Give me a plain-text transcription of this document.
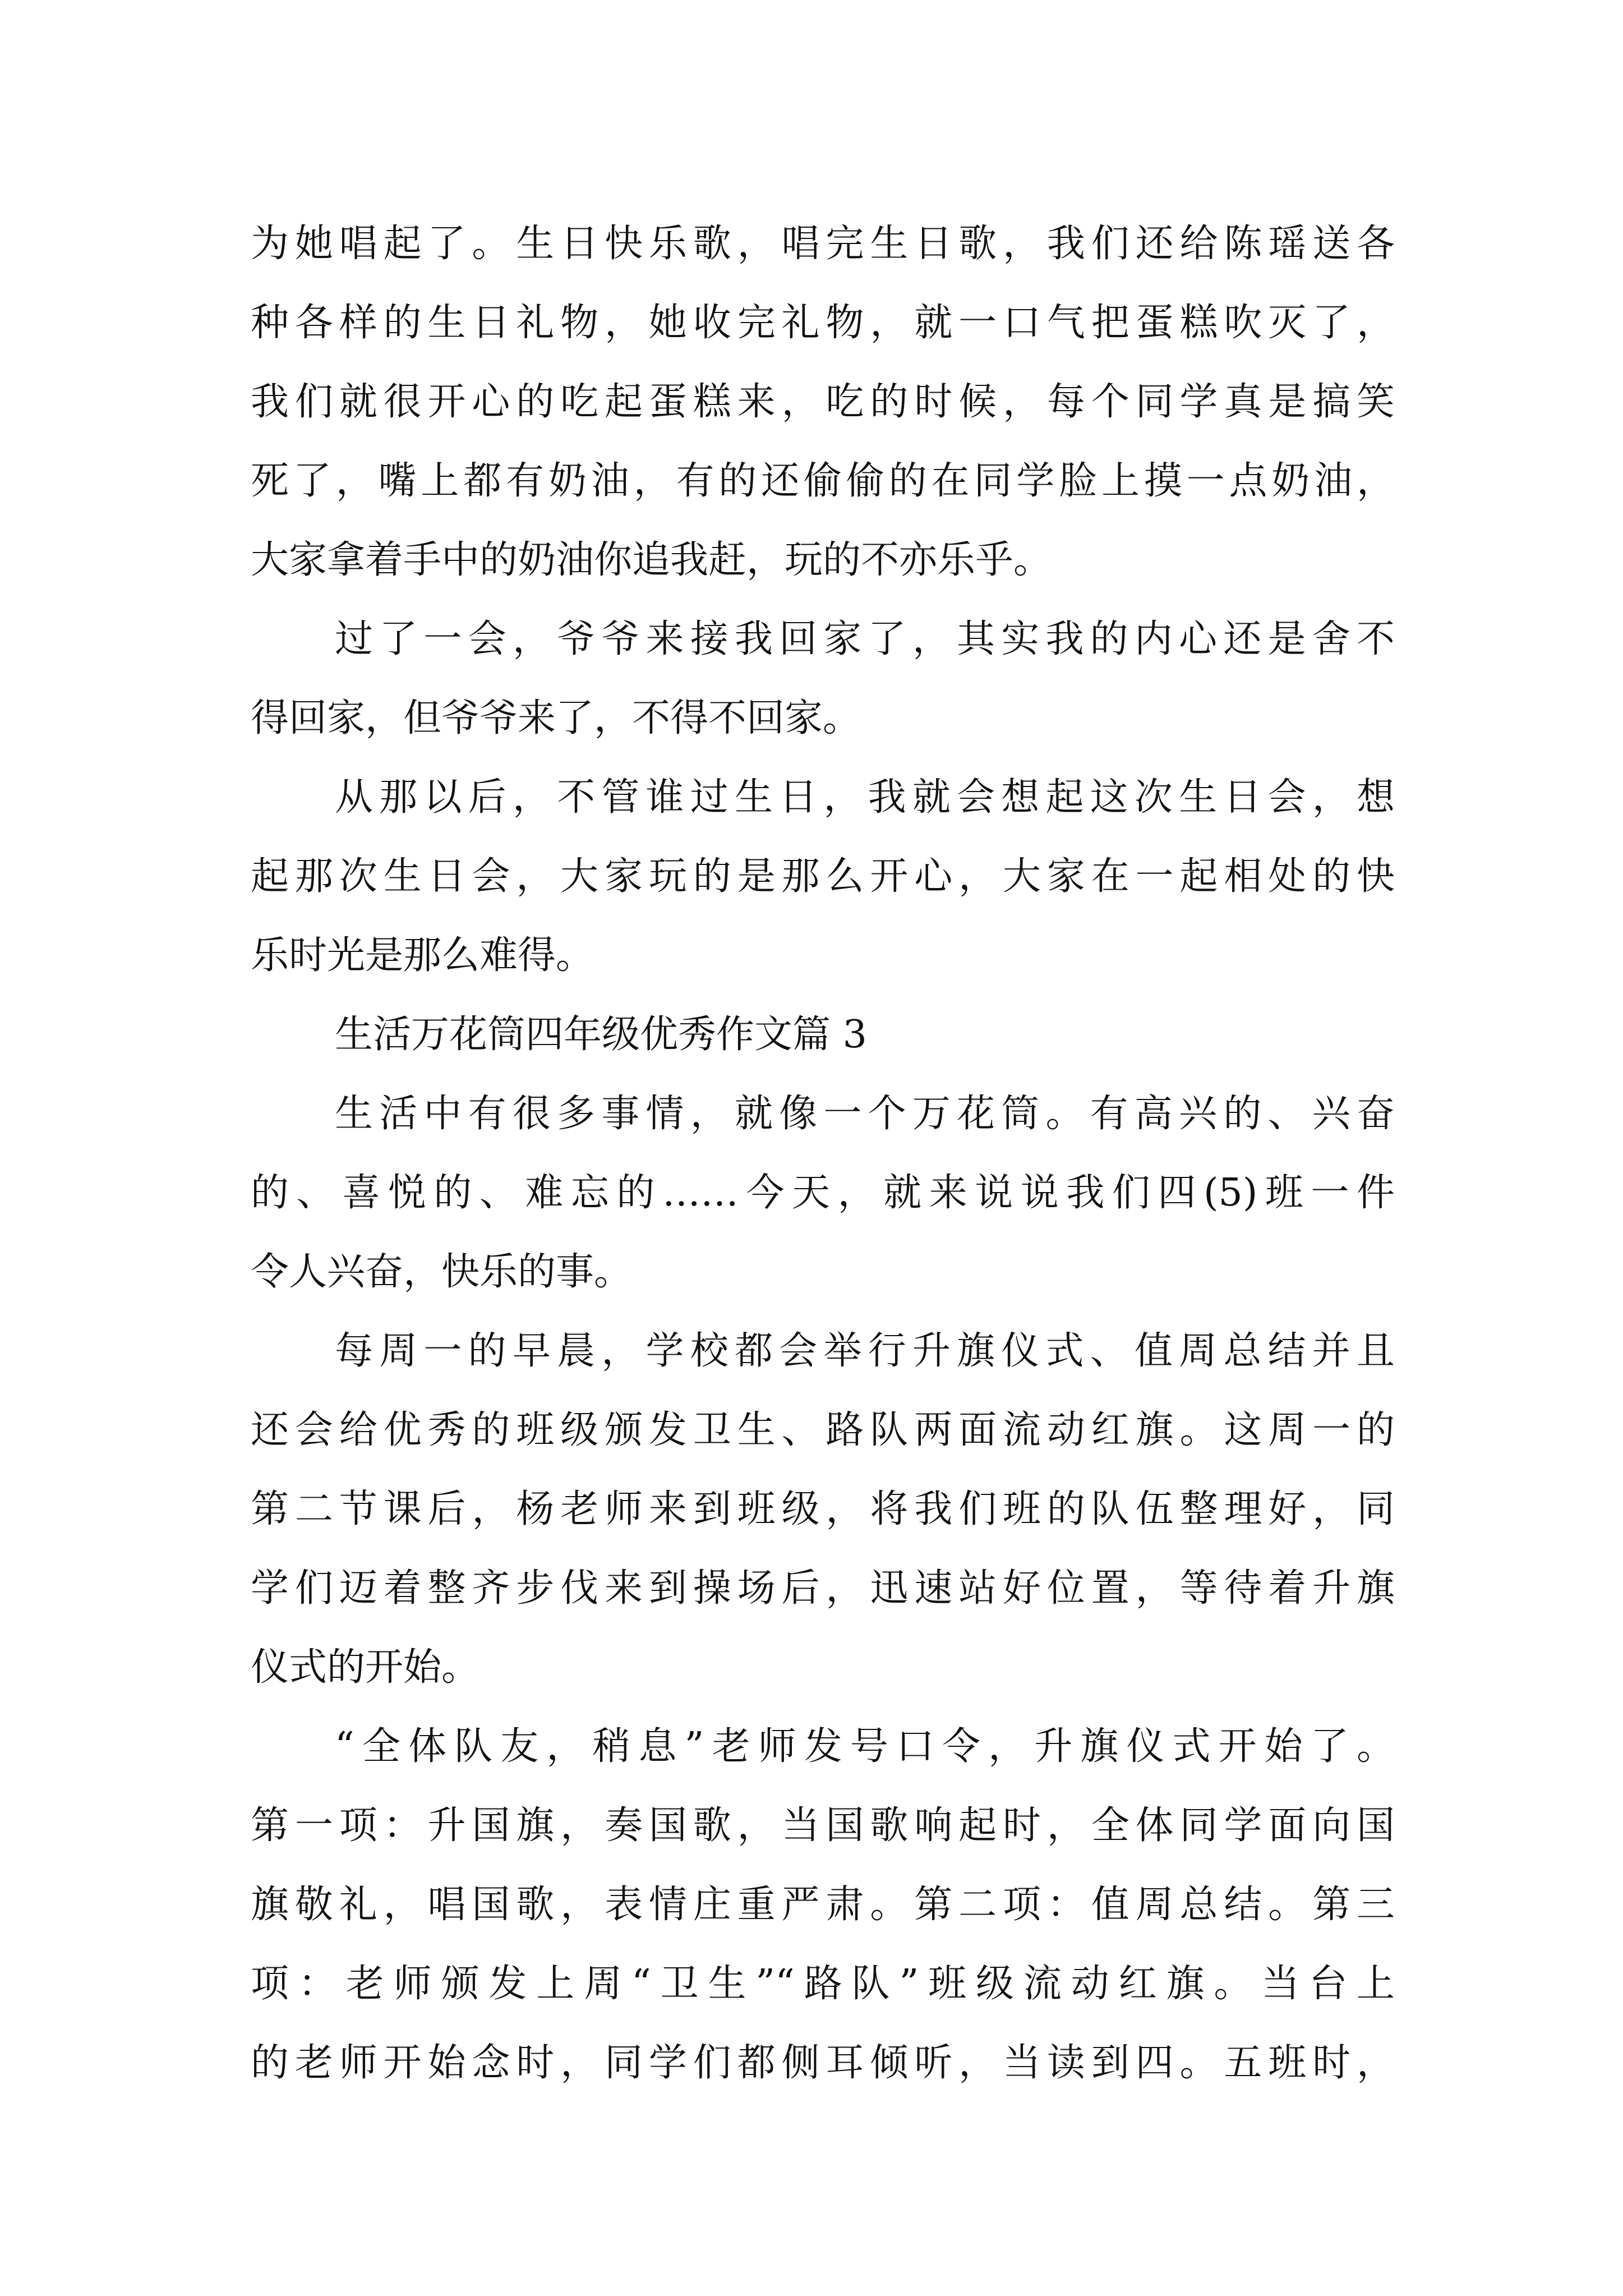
为她唱起了。生日快乐歌，唱完生日歌，我们还给陈瑶送各
种各样的生日礼物，她收完礼物，就一口气把蛋糕吹灭了，
我们就很开心的吃起蛋糕来，吃的时候，每个同学真是搞笑
死了，嘴上都有奶油，有的还偷偷的在同学脸上摸一点奶油，
大家拿着手中的奶油你追我赶，玩的不亦乐乎。
过了一会，爷爷来接我回家了，其实我的内心还是舍不
得回家，但爷爷来了，不得不回家。
从那以后，不管谁过生日，我就会想起这次生日会，想
起那次生日会，大家玩的是那么开心，大家在一起相处的快
乐时光是那么难得。
生活万花筒四年级优秀作文篇 3
生活中有很多事情，就像一个万花筒。有高兴的、兴奋
的、喜悦的、难忘的……今天，就来说说我们四(5)班一件
令人兴奋，快乐的事。
每周一的早晨，学校都会举行升旗仪式、值周总结并且
还会给优秀的班级颁发卫生、路队两面流动红旗。这周一的
第二节课后，杨老师来到班级，将我们班的队伍整理好，同
学们迈着整齐步伐来到操场后，迅速站好位置，等待着升旗
仪式的开始。
“全体队友，稍息”老师发号口令，升旗仪式开始了。
第一项：升国旗，奏国歌，当国歌响起时，全体同学面向国
旗敬礼，唱国歌，表情庄重严肃。第二项：值周总结。第三
项：老师颁发上周“卫生”“路队”班级流动红旗。当台上
的老师开始念时，同学们都侧耳倾听，当读到四。五班时，
